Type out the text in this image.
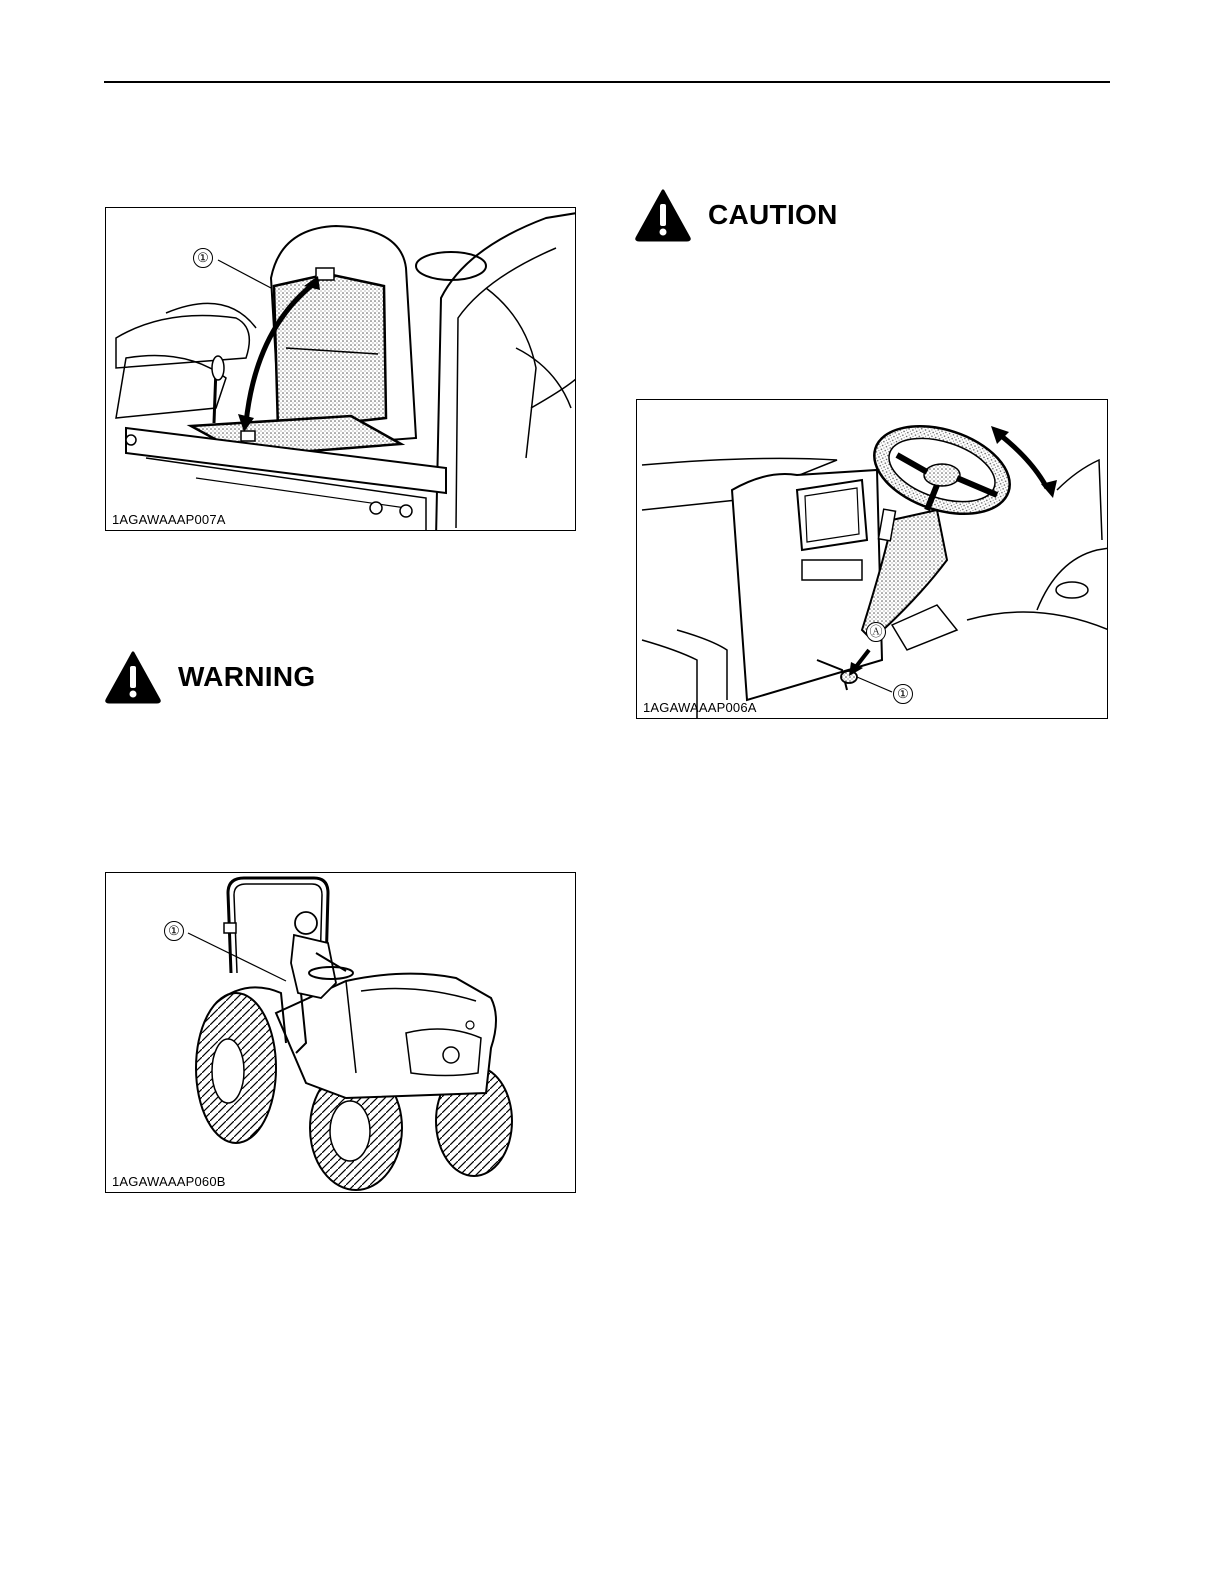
①
1AGAWAAAP007A
WARNING
①
1AGAWAAAP060B
CAUTION
Ⓐ
①
1AGAWAAAP006A
